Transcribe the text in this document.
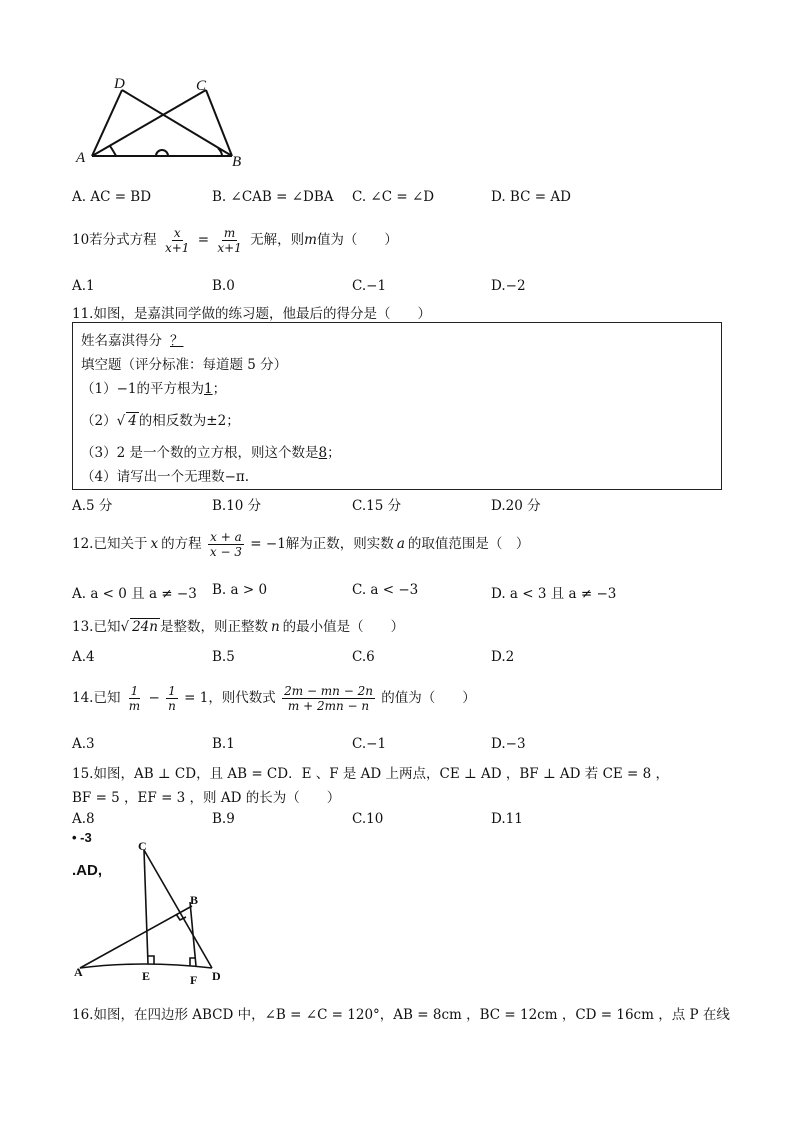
D	C
A	B
A. AC = BD	B. ∠CAB = ∠DBA C. ∠C = ∠D	D. BC = AD
10若分式方程 $\frac{x}{x+1} = \frac{m}{x+1}$ 无解，则m值为（　　）
A.1	B.0	C.−1	D.−2
11.如图，是嘉淇同学做的练习题，他最后的得分是（　　）
姓名嘉淇得分 ？
填空题（评分标准：每道题 5 分）
（1）−1的平方根为1；
（2）√ 4 的相反数为±2；
（3）2 是一个数的立方根，则这个数是8；
（4）请写出一个无理数−π.
A.5 分	B.10 分	C.15 分	D.20 分
12.已知关于 x 的方程 $\frac{x + a}{x - 3} = -1$解为正数，则实数 a 的取值范围是（　）
A. a < 0 且 a ≠ −3 B. a > 0	C. a < −3	D. a < 3 且 a ≠ −3
13.已知√ 24n 是整数，则正整数 n 的最小值是（　　）
A.4	B.5	C.6	D.2
14.已知 $\frac{1}{m} - \frac{1}{n} = 1$，则代数式 $\frac{2m - mn - 2n}{m + 2mn - n}$ 的值为（　　）
A.3	B.1	C.−1	D.−3
15.如图，AB ⊥ CD，且 AB = CD．E 、F 是 AD 上两点，CE ⊥ AD ，BF ⊥ AD 若 CE = 8 ，
BF = 5 ，EF = 3 ，则 AD 的长为（　　）
A.8	B.9	C.10	D.11
• -3
.AD,
C
B
A	E	F D
16.如图，在四边形 ABCD 中，∠B = ∠C = 120°，AB = 8cm ，BC = 12cm ，CD = 16cm ，点 P 在线
